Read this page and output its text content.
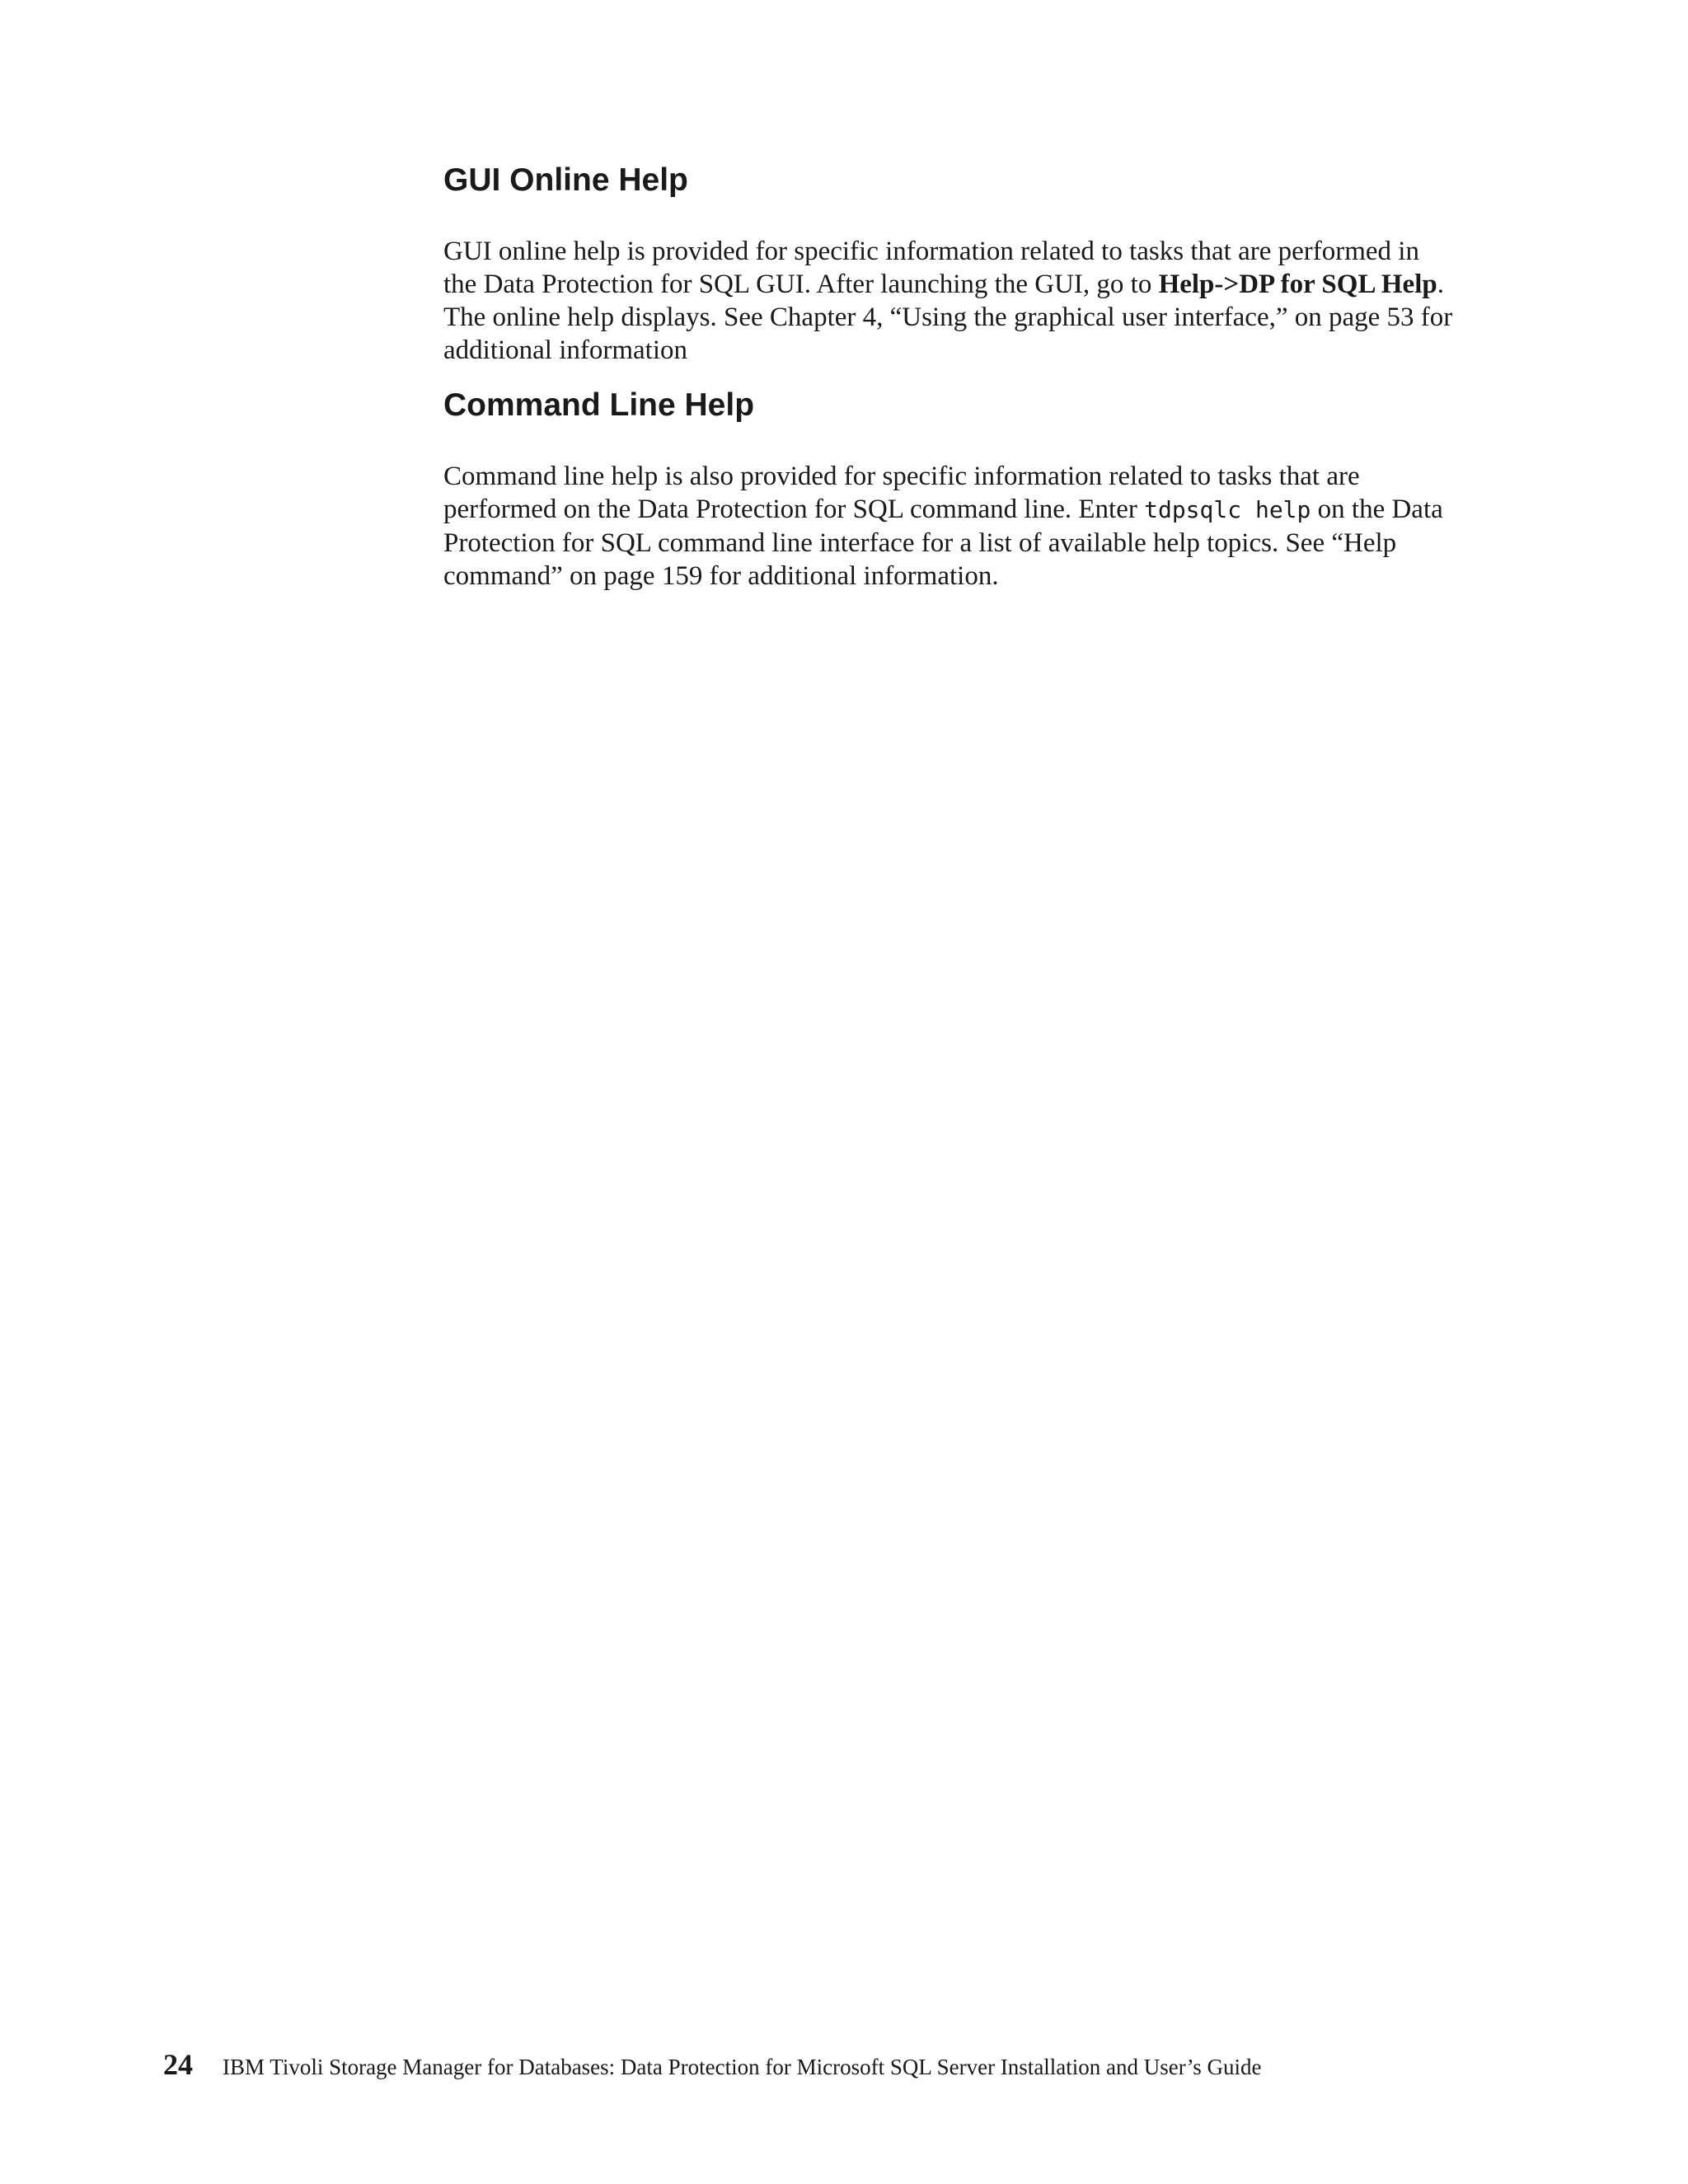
GUI Online Help

GUI online help is provided for specific information related to tasks that are performed in the Data Protection for SQL GUI. After launching the GUI, go to Help->DP for SQL Help. The online help displays. See Chapter 4, “Using the graphical user interface,” on page 53 for additional information

Command Line Help

Command line help is also provided for specific information related to tasks that are performed on the Data Protection for SQL command line. Enter tdpsqlc help on the Data Protection for SQL command line interface for a list of available help topics. See “Help command” on page 159 for additional information.

24 IBM Tivoli Storage Manager for Databases: Data Protection for Microsoft SQL Server Installation and User’s Guide
